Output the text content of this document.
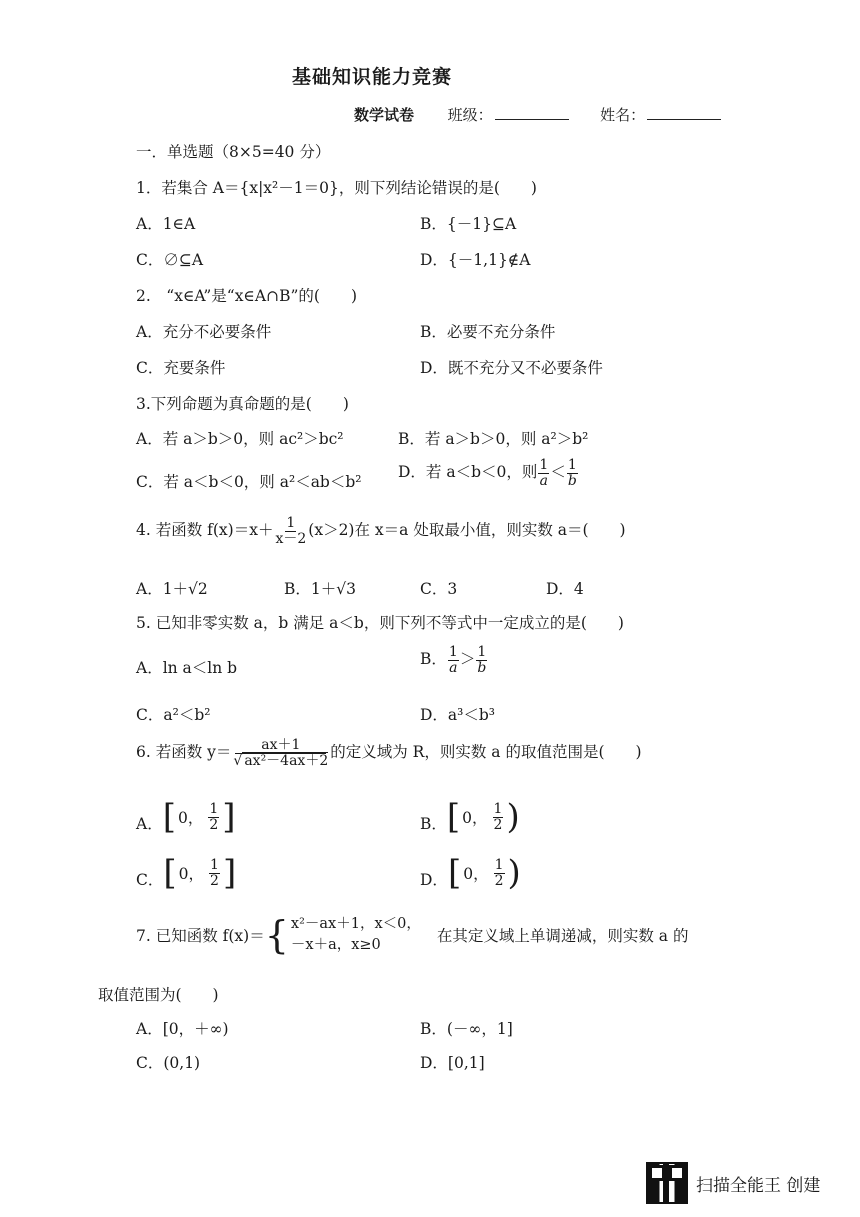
基础知识能力竞赛
数学试卷 班级：	姓名：
一．单选题（8×5=40 分）
1．若集合 A＝{x|x²－1＝0}，则下列结论错误的是(　　)
A．1∈A	B．{－1}⊆A
C．∅⊆A	D．{－1,1}∉A
2.　“x∈A”是“x∈A∩B”的(　　)
A．充分不必要条件	B．必要不充分条件
C．充要条件	D．既不充分又不必要条件
3.下列命题为真命题的是(　　)
A．若 a＞b＞0，则 ac²＞bc²	B．若 a＞b＞0，则 a²＞b²
C．若 a＜b＜0，则 a²＜ab＜b²
D．若 a＜b＜0，则 $\frac{1}{a} < \frac{1}{b}$
4. 若函数 $f(x)=x+ \frac{1}{x-2} (x>2)$在 x＝a 处取最小值，则实数 a＝(　　)
A．1＋√2	B．1＋√3	C．3	D．4
5. 已知非零实数 a，b 满足 a＜b，则下列不等式中一定成立的是(　　)
A．ln a＜ln b	B． $\frac{1}{a} > \frac{1}{b}$
C．a²＜b²	D．a³＜b³
6. 若函数 $y= \frac{ax+1}{\text{√ ax²－4ax＋2}}$ 的定义域为 R，则实数 a 的取值范围是(　　)
A． [ 0， $\frac{1}{2}$ ]	B． [ 0， $\frac{1}{2}$ )
C． [ 0， $\frac{1}{2}$ ]	D． [ 0， $\frac{1}{2}$ )
7. 已知函数 f(x)＝ { x²－ax＋1，x＜0，
－x＋a，x≥0	在其定义域上单调递减，则实数 a 的
取值范围为(　　)
A．[0，＋∞)	B．(－∞，1]
C．(0,1)	D．[0,1]
扫描全能王 创建
